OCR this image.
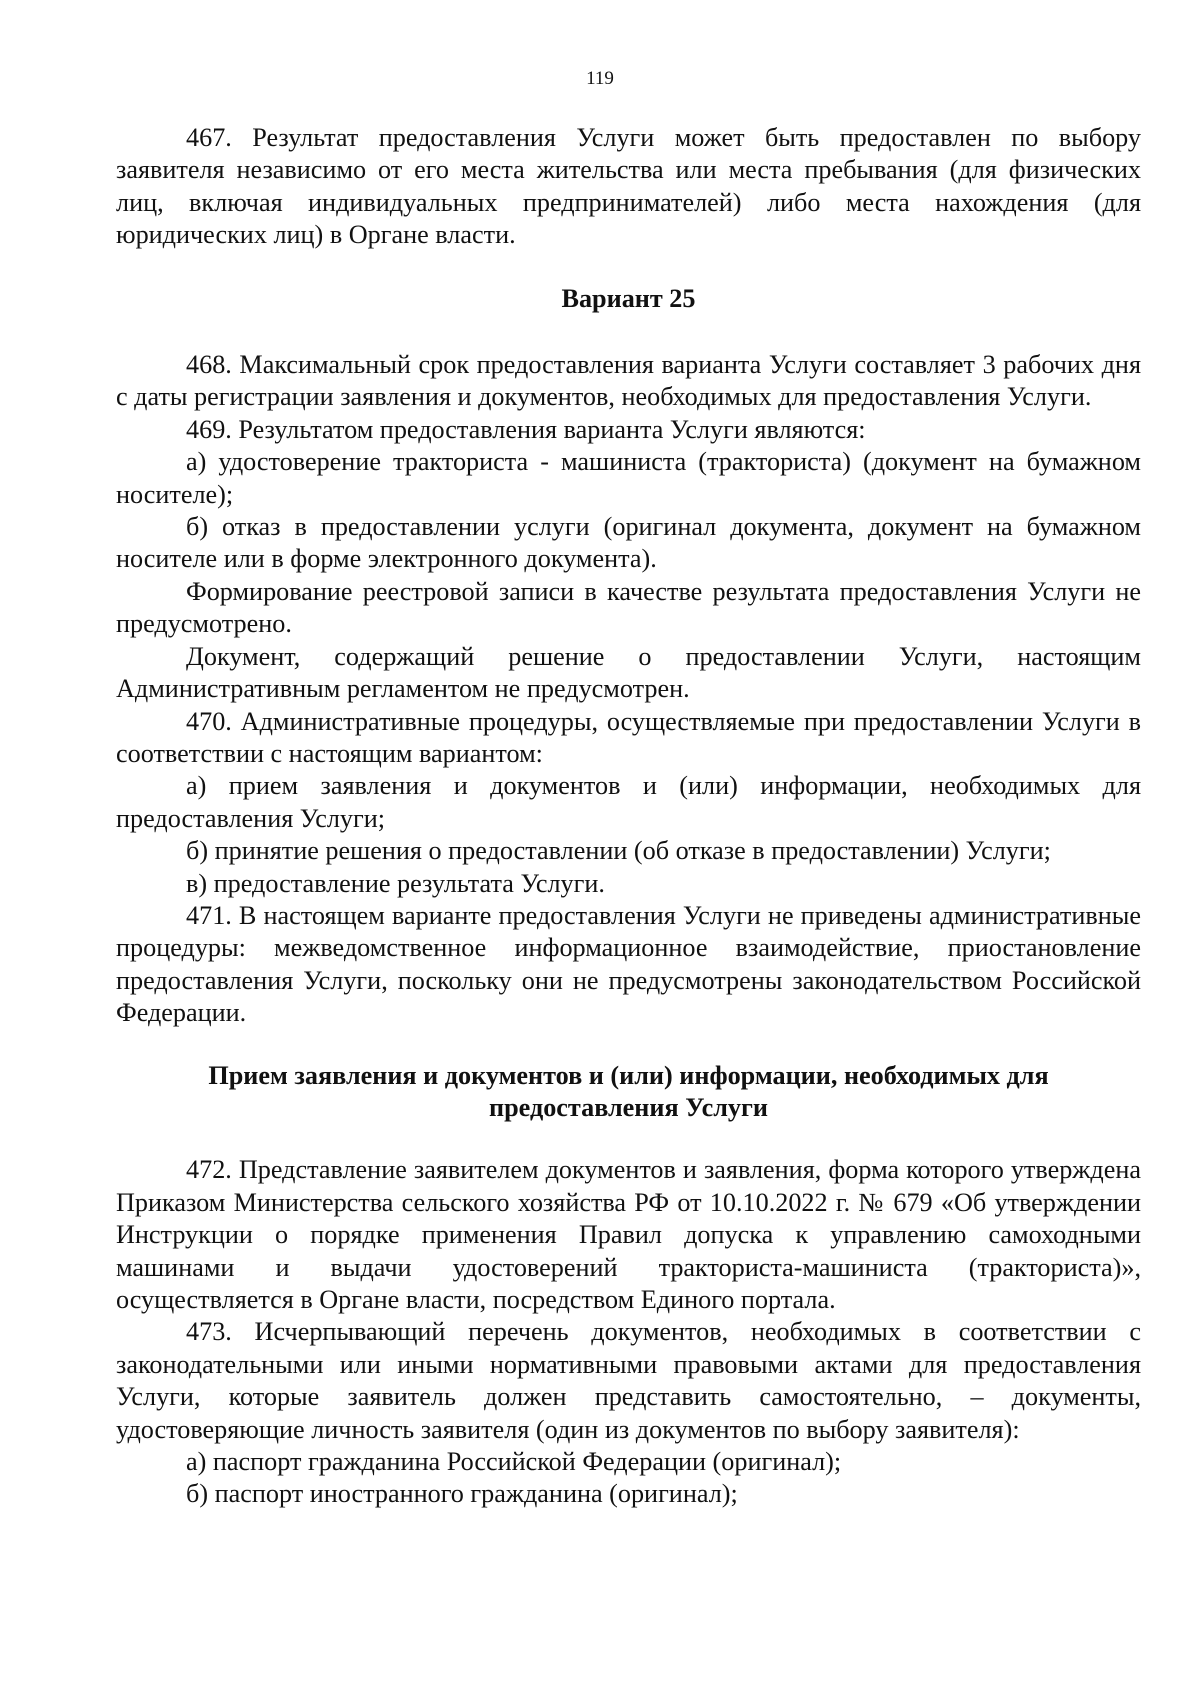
119

467. Результат предоставления Услуги может быть предоставлен по выбору заявителя независимо от его места жительства или места пребывания (для физических лиц, включая индивидуальных предпринимателей) либо места нахождения (для юридических лиц) в Органе власти.

Вариант 25

468. Максимальный срок предоставления варианта Услуги составляет 3 рабочих дня с даты регистрации заявления и документов, необходимых для предоставления Услуги.

469. Результатом предоставления варианта Услуги являются:

а) удостоверение тракториста - машиниста (тракториста) (документ на бумажном носителе);

б) отказ в предоставлении услуги (оригинал документа, документ на бумажном носителе или в форме электронного документа).

Формирование реестровой записи в качестве результата предоставления Услуги не предусмотрено.

Документ, содержащий решение о предоставлении Услуги, настоящим Административным регламентом не предусмотрен.

470. Административные процедуры, осуществляемые при предоставлении Услуги в соответствии с настоящим вариантом:

а) прием заявления и документов и (или) информации, необходимых для предоставления Услуги;

б) принятие решения о предоставлении (об отказе в предоставлении) Услуги;

в) предоставление результата Услуги.

471. В настоящем варианте предоставления Услуги не приведены административные процедуры: межведомственное информационное взаимодействие, приостановление предоставления Услуги, поскольку они не предусмотрены законодательством Российской Федерации.

Прием заявления и документов и (или) информации, необходимых для
предоставления Услуги

472. Представление заявителем документов и заявления, форма которого утверждена Приказом Министерства сельского хозяйства РФ от 10.10.2022 г. № 679 «Об утверждении Инструкции о порядке применения Правил допуска к управлению самоходными машинами и выдачи удостоверений тракториста-машиниста (тракториста)», осуществляется в Органе власти, посредством Единого портала.

473. Исчерпывающий перечень документов, необходимых в соответствии с законодательными или иными нормативными правовыми актами для предоставления Услуги, которые заявитель должен представить самостоятельно, – документы, удостоверяющие личность заявителя (один из документов по выбору заявителя):

а) паспорт гражданина Российской Федерации (оригинал);

б) паспорт иностранного гражданина (оригинал);
